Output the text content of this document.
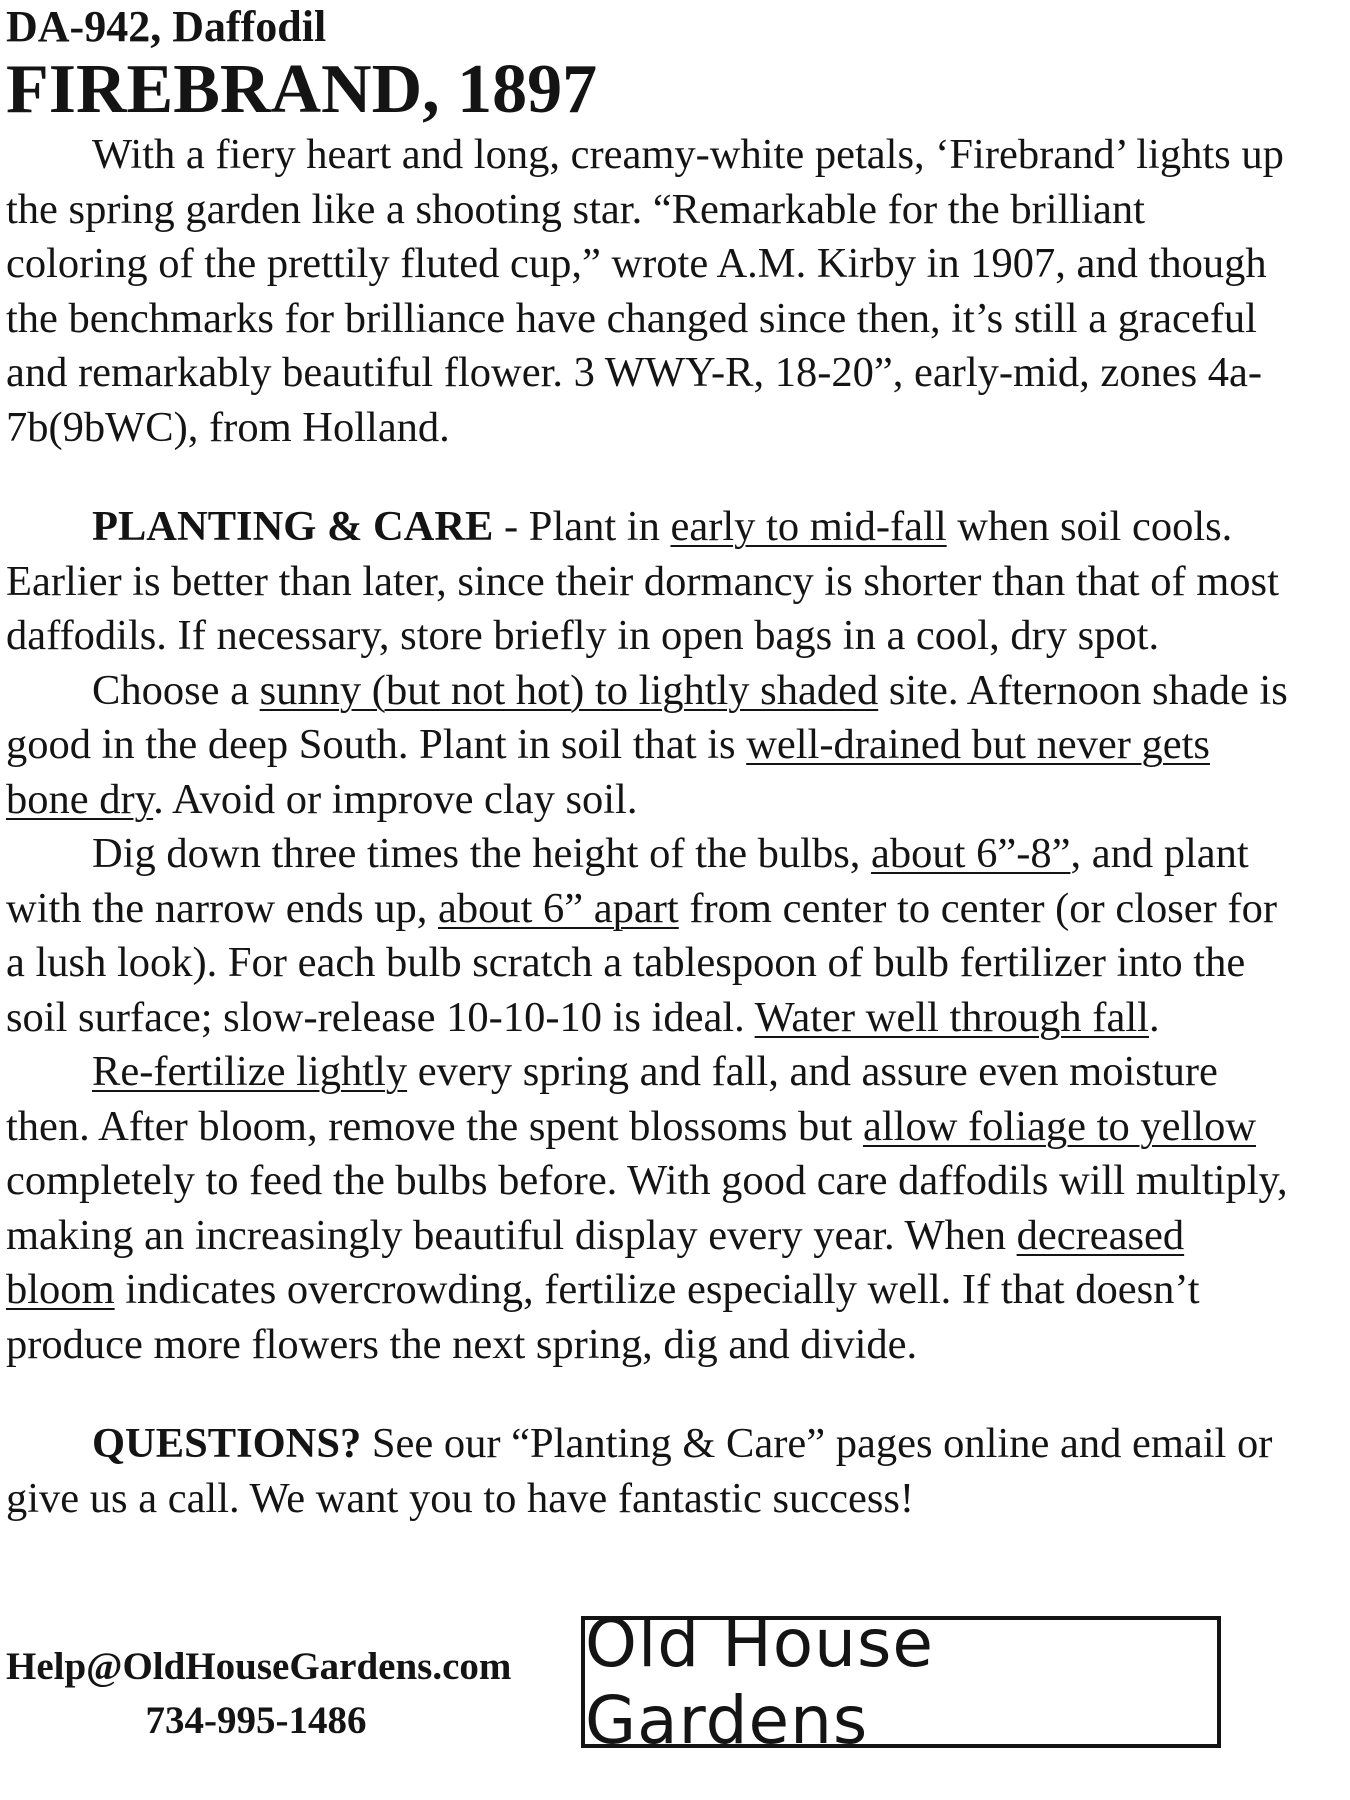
DA-942, Daffodil
FIREBRAND, 1897

With a fiery heart and long, creamy-white petals, ‘Firebrand’ lights up the spring garden like a shooting star. “Remarkable for the brilliant coloring of the prettily fluted cup,” wrote A.M. Kirby in 1907, and though the benchmarks for brilliance have changed since then, it’s still a graceful and remarkably beautiful flower. 3 WWY-R, 18-20”, early-mid, zones 4a-7b(9bWC), from Holland.

PLANTING & CARE - Plant in early to mid-fall when soil cools. Earlier is better than later, since their dormancy is shorter than that of most daffodils. If necessary, store briefly in open bags in a cool, dry spot.

Choose a sunny (but not hot) to lightly shaded site. Afternoon shade is good in the deep South. Plant in soil that is well-drained but never gets bone dry. Avoid or improve clay soil.

Dig down three times the height of the bulbs, about 6”-8”, and plant with the narrow ends up, about 6” apart from center to center (or closer for a lush look). For each bulb scratch a tablespoon of bulb fertilizer into the soil surface; slow-release 10-10-10 is ideal. Water well through fall.

Re-fertilize lightly every spring and fall, and assure even moisture then. After bloom, remove the spent blossoms but allow foliage to yellow completely to feed the bulbs before. With good care daffodils will multiply, making an increasingly beautiful display every year. When decreased bloom indicates overcrowding, fertilize especially well. If that doesn’t produce more flowers the next spring, dig and divide.

QUESTIONS? See our “Planting & Care” pages online and email or give us a call. We want you to have fantastic success!

Help@OldHouseGardens.com
734-995-1486
Old House Gardens
